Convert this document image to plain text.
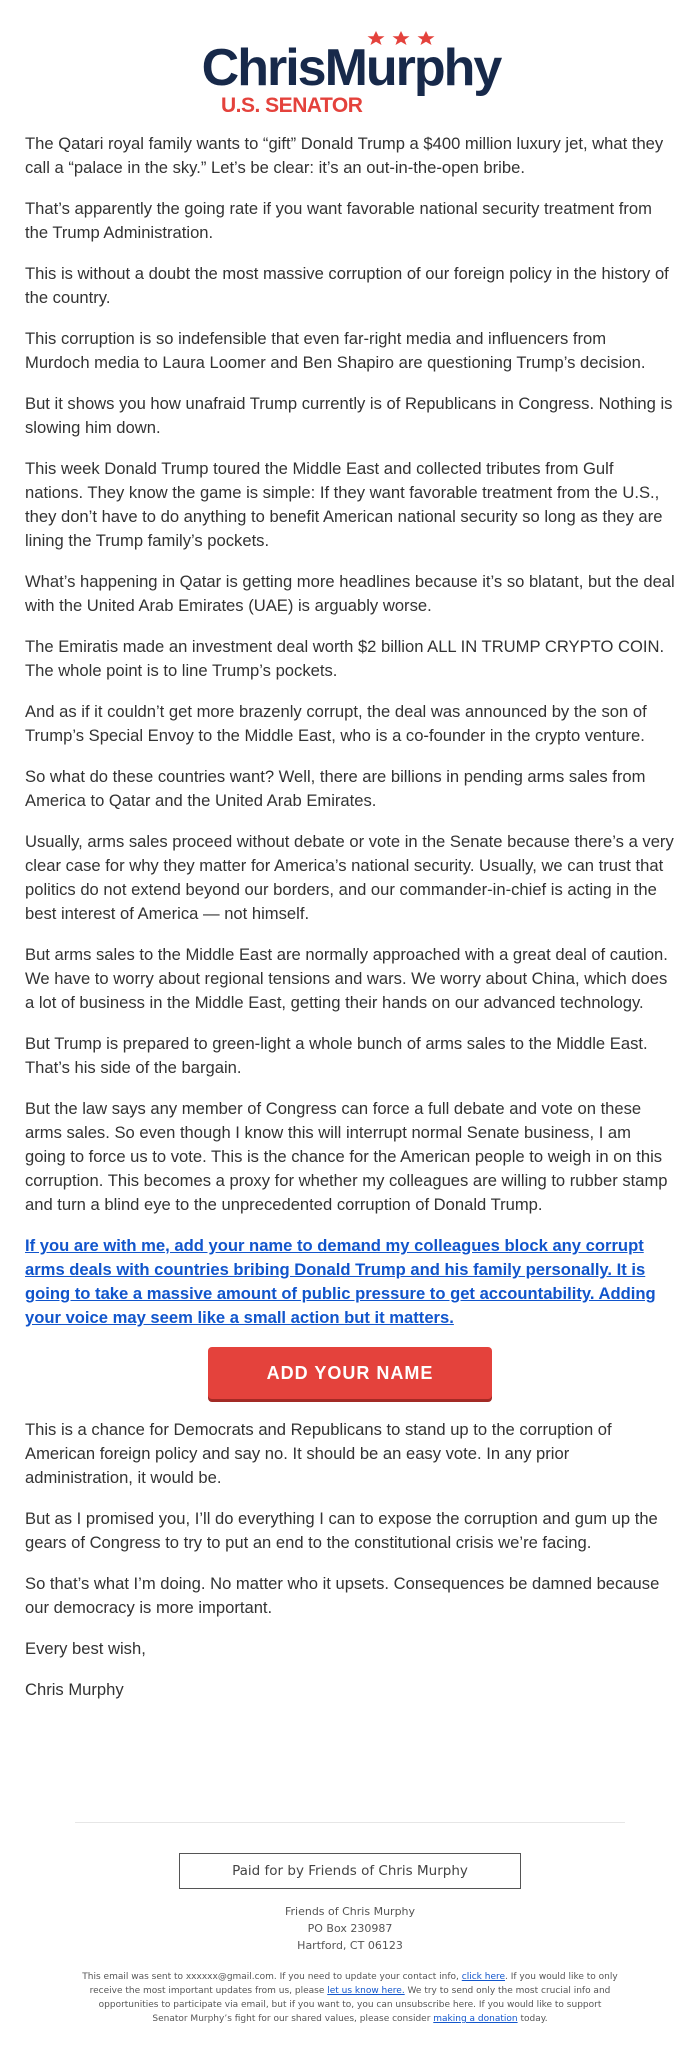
ChrisMurphy
U.S. SENATOR

The Qatari royal family wants to “gift” Donald Trump a $400 million luxury jet, what they call a “palace in the sky.” Let’s be clear: it’s an out-in-the-open bribe.

That’s apparently the going rate if you want favorable national security treatment from the Trump Administration.

This is without a doubt the most massive corruption of our foreign policy in the history of the country.

This corruption is so indefensible that even far-right media and influencers from Murdoch media to Laura Loomer and Ben Shapiro are questioning Trump’s decision.

But it shows you how unafraid Trump currently is of Republicans in Congress. Nothing is slowing him down.

This week Donald Trump toured the Middle East and collected tributes from Gulf nations. They know the game is simple: If they want favorable treatment from the U.S., they don’t have to do anything to benefit American national security so long as they are lining the Trump family’s pockets.

What’s happening in Qatar is getting more headlines because it’s so blatant, but the deal with the United Arab Emirates (UAE) is arguably worse.

The Emiratis made an investment deal worth $2 billion ALL IN TRUMP CRYPTO COIN. The whole point is to line Trump’s pockets.

And as if it couldn’t get more brazenly corrupt, the deal was announced by the son of Trump’s Special Envoy to the Middle East, who is a co-founder in the crypto venture.

So what do these countries want? Well, there are billions in pending arms sales from America to Qatar and the United Arab Emirates.

Usually, arms sales proceed without debate or vote in the Senate because there’s a very clear case for why they matter for America’s national security. Usually, we can trust that politics do not extend beyond our borders, and our commander-in-chief is acting in the best interest of America — not himself.

But arms sales to the Middle East are normally approached with a great deal of caution. We have to worry about regional tensions and wars. We worry about China, which does a lot of business in the Middle East, getting their hands on our advanced technology.

But Trump is prepared to green-light a whole bunch of arms sales to the Middle East. That’s his side of the bargain.

But the law says any member of Congress can force a full debate and vote on these arms sales. So even though I know this will interrupt normal Senate business, I am going to force us to vote. This is the chance for the American people to weigh in on this corruption. This becomes a proxy for whether my colleagues are willing to rubber stamp and turn a blind eye to the unprecedented corruption of Donald Trump.

If you are with me, add your name to demand my colleagues block any corrupt arms deals with countries bribing Donald Trump and his family personally. It is going to take a massive amount of public pressure to get accountability. Adding your voice may seem like a small action but it matters.

ADD YOUR NAME

This is a chance for Democrats and Republicans to stand up to the corruption of American foreign policy and say no. It should be an easy vote. In any prior administration, it would be.

But as I promised you, I’ll do everything I can to expose the corruption and gum up the gears of Congress to try to put an end to the constitutional crisis we’re facing.

So that’s what I’m doing. No matter who it upsets. Consequences be damned because our democracy is more important.

Every best wish,

Chris Murphy

Paid for by Friends of Chris Murphy
Friends of Chris Murphy
PO Box 230987
Hartford, CT 06123
This email was sent to xxxxxx@gmail.com. If you need to update your contact info, click here. If you would like to only receive the most important updates from us, please let us know here. We try to send only the most crucial info and opportunities to participate via email, but if you want to, you can unsubscribe here. If you would like to support Senator Murphy’s fight for our shared values, please consider making a donation today.
